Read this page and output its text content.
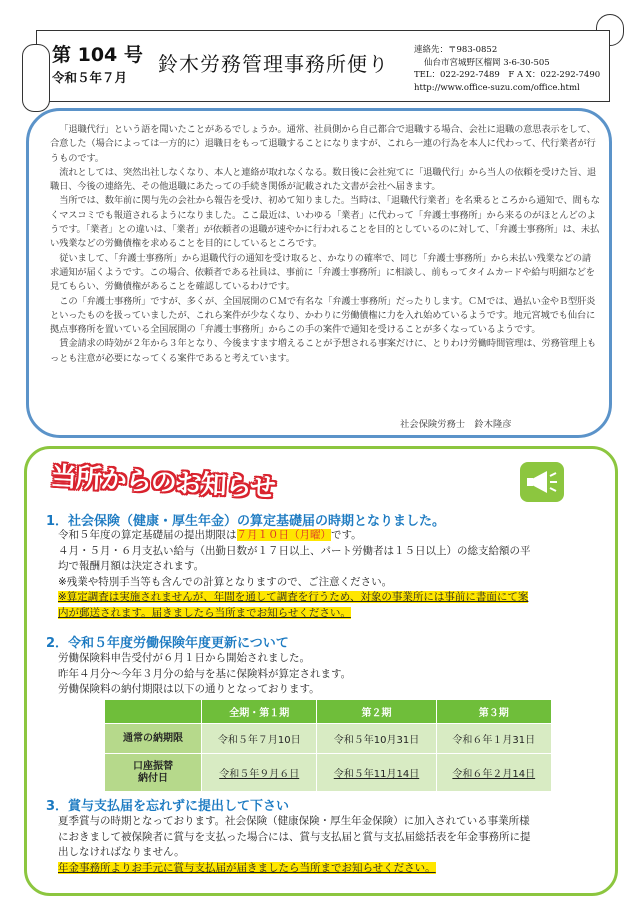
第 104 号
令和５年７月
鈴木労務管理事務所便り
連絡先：〒983-0852
仙台市宮城野区榴岡 3-6-30-505
TEL：022-292-7489　F A X：022-292-7490
http://www.office-suzu.com/office.html

「退職代行」という語を聞いたことがあるでしょうか。通常、社員側から自己都合で退職する場合、会社に退職の意思表示をして、合意した（場合によっては一方的に）退職日をもって退職することになりますが、これら一連の行為を本人に代わって、代行業者が行うものです。

流れとしては、突然出社しなくなり、本人と連絡が取れなくなる。数日後に会社宛てに「退職代行」から当人の依頼を受けた旨、退職日、今後の連絡先、その他退職にあたっての手続き関係が記載された文書が会社へ届きます。

当所では、数年前に関与先の会社から報告を受け、初めて知りました。当時は、「退職代行業者」を名乗るところから通知で、間もなくマスコミでも報道されるようになりました。ここ最近は、いわゆる「業者」に代わって「弁護士事務所」から来るのがほとんどのようです。「業者」との違いは、「業者」が依頼者の退職が速やかに行われることを目的としているのに対して、「弁護士事務所」は、未払い残業などの労働債権を求めることを目的にしているところです。

従いまして、「弁護士事務所」から退職代行の通知を受け取ると、かなりの確率で、同じ「弁護士事務所」から未払い残業などの請求通知が届くようです。この場合、依頼者である社員は、事前に「弁護士事務所」に相談し、前もってタイムカードや給与明細などを見てもらい、労働債権があることを確認しているわけです。

この「弁護士事務所」ですが、多くが、全国展開のＣＭで有名な「弁護士事務所」だったりします。ＣＭでは、過払い金やＢ型肝炎といったものを扱っていましたが、これら案件が少なくなり、かわりに労働債権に力を入れ始めているようです。地元宮城でも仙台に拠点事務所を置いている全国展開の「弁護士事務所」からこの手の案件で通知を受けることが多くなっているようです。

賃金請求の時効が２年から３年となり、今後ますます増えることが予想される事案だけに、とりわけ労働時間管理は、労務管理上もっとも注意が必要になってくる案件であると考えています。

社会保険労務士　鈴木隆彦
当所からのお知らせ
1．社会保険（健康・厚生年金）の算定基礎届の時期となりました。
令和５年度の算定基礎届の提出期限は７月１０日（月曜）です。
４月・５月・６月支払い給与（出勤日数が１７日以上、パート労働者は１５日以上）の総支給額の平
均で報酬月額は決定されます。
※残業や特別手当等も含んでの計算となりますので、ご注意ください。
※算定調査は実施されませんが、年間を通して調査を行うため、対象の事業所には事前に書面にて案
内が郵送されます。届きましたら当所までお知らせください。
2．令和５年度労働保険年度更新について
労働保険料申告受付が６月１日から開始されました。
昨年４月分～今年３月分の給与を基に保険料が算定されます。
労働保険料の納付期限は以下の通りとなっております。
	全期・第１期	第２期	第３期
通常の納期限	令和５年７月10日	令和５年10月31日	令和６年１月31日
口座振替
納付日	令和５年９月６日	令和５年11月14日	令和６年２月14日
3．賞与支払届を忘れずに提出して下さい
夏季賞与の時期となっております。社会保険（健康保険・厚生年金保険）に加入されている事業所様
におきまして被保険者に賞与を支払った場合には、賞与支払届と賞与支払届総括表を年金事務所に提
出しなければなりません。
年金事務所よりお手元に賞与支払届が届きましたら当所までお知らせください。
